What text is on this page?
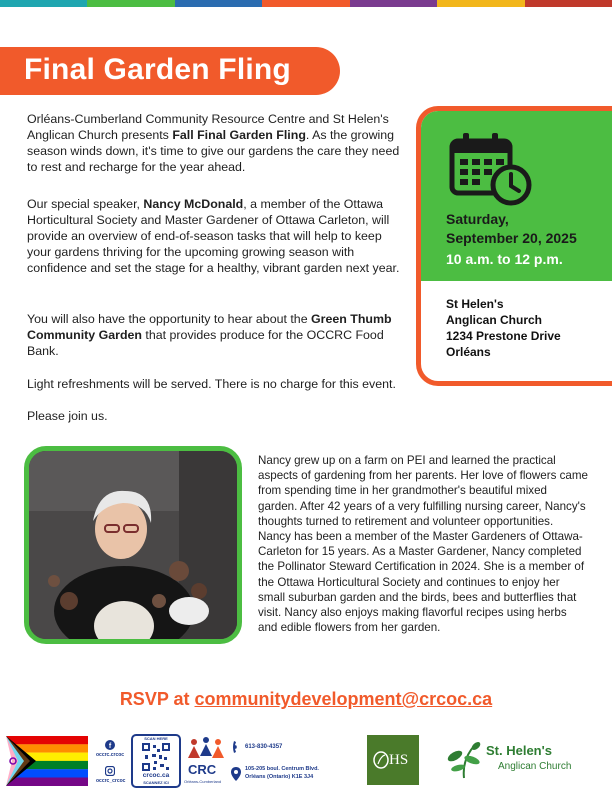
Final Garden Fling

Orléans-Cumberland Community Resource Centre and St Helen's Anglican Church presents Fall Final Garden Fling. As the growing season winds down, it's time to give our gardens the care they need to rest and recharge for the year ahead.

Our special speaker, Nancy McDonald, a member of the Ottawa Horticultural Society and Master Gardener of Ottawa Carleton, will provide an overview of end-of-season tasks that will help to keep your gardens thriving for the upcoming growing season with confidence and set the stage for a healthy, vibrant garden next year.

You will also have the opportunity to hear about the Green Thumb Community Garden that provides produce for the OCCRC Food Bank.

Light refreshments will be served. There is no charge for this event.

Please join us.

Saturday,
September 20, 2025
10 a.m. to 12 p.m.
St Helen's
Anglican Church
1234 Prestone Drive
Orléans

Nancy grew up on a farm on PEI and learned the practical aspects of gardening from her parents. Her love of flowers came from spending time in her grandmother's beautiful mixed garden. After 42 years of a very fulfilling nursing career, Nancy's thoughts turned to retirement and volunteer opportunities. Nancy has been a member of the Master Gardeners of Ottawa-Carleton for 15 years. As a Master Gardener, Nancy completed the Pollinator Steward Certification in 2024. She is a member of the Ottawa Horticultural Society and continues to enjoy her small suburban garden and the birds, bees and butterflies that visit. Nancy also enjoys making flavorful recipes using herbs and edible flowers from her garden.

RSVP at communitydevelopment@crcoc.ca
f
occrc.crcoc
occrc_crcoc
SCAN HERE
crcoc.ca
SCANNEZ ICI
CRC
Orléans-Cumberland
613-830-4357
105-205 boul. Centrum Blvd.
Orléans (Ontario) K1E 3J4
HS
St. Helen's
Anglican Church
